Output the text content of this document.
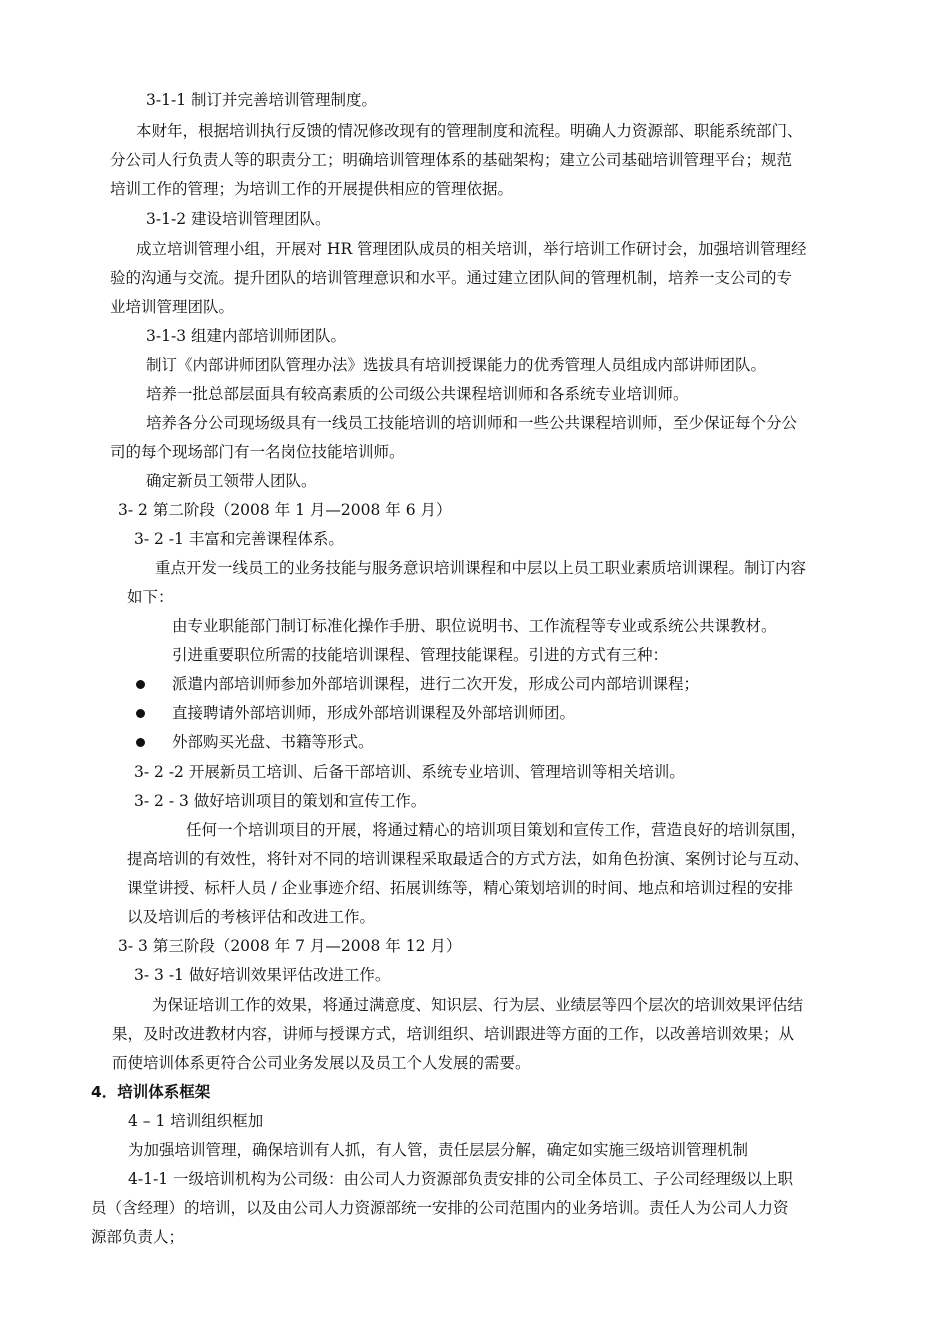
3-1-1 制订并完善培训管理制度。
本财年，根据培训执行反馈的情况修改现有的管理制度和流程。明确人力资源部、职能系统部门、
分公司人行负责人等的职责分工；明确培训管理体系的基础架构；建立公司基础培训管理平台；规范
培训工作的管理；为培训工作的开展提供相应的管理依据。
3-1-2 建设培训管理团队。
成立培训管理小组，开展对 HR 管理团队成员的相关培训，举行培训工作研讨会，加强培训管理经
验的沟通与交流。提升团队的培训管理意识和水平。通过建立团队间的管理机制，培养一支公司的专
业培训管理团队。
3-1-3 组建内部培训师团队。
制订《内部讲师团队管理办法》选拔具有培训授课能力的优秀管理人员组成内部讲师团队。
培养一批总部层面具有较高素质的公司级公共课程培训师和各系统专业培训师。
培养各分公司现场级具有一线员工技能培训的培训师和一些公共课程培训师，至少保证每个分公
司的每个现场部门有一名岗位技能培训师。
确定新员工领带人团队。
3- 2 第二阶段（2008 年 1 月—2008 年 6 月）
3- 2 -1 丰富和完善课程体系。
重点开发一线员工的业务技能与服务意识培训课程和中层以上员工职业素质培训课程。制订内容
如下：
由专业职能部门制订标准化操作手册、职位说明书、工作流程等专业或系统公共课教材。
引进重要职位所需的技能培训课程、管理技能课程。引进的方式有三种：
派遣内部培训师参加外部培训课程，进行二次开发，形成公司内部培训课程；
直接聘请外部培训师，形成外部培训课程及外部培训师团。
外部购买光盘、书籍等形式。
3- 2 -2 开展新员工培训、后备干部培训、系统专业培训、管理培训等相关培训。
3- 2 - 3 做好培训项目的策划和宣传工作。
任何一个培训项目的开展，将通过精心的培训项目策划和宣传工作，营造良好的培训氛围，
提高培训的有效性，将针对不同的培训课程采取最适合的方式方法，如角色扮演、案例讨论与互动、
课堂讲授、标杆人员 / 企业事迹介绍、拓展训练等，精心策划培训的时间、地点和培训过程的安排
以及培训后的考核评估和改进工作。
3- 3 第三阶段（2008 年 7 月—2008 年 12 月）
3- 3 -1 做好培训效果评估改进工作。
为保证培训工作的效果，将通过满意度、知识层、行为层、业绩层等四个层次的培训效果评估结
果，及时改进教材内容，讲师与授课方式，培训组织、培训跟进等方面的工作，以改善培训效果；从
而使培训体系更符合公司业务发展以及员工个人发展的需要。
4．培训体系框架
4 – 1 培训组织框加
为加强培训管理，确保培训有人抓，有人管，责任层层分解，确定如实施三级培训管理机制
4-1-1 一级培训机构为公司级：由公司人力资源部负责安排的公司全体员工、子公司经理级以上职
员（含经理）的培训，以及由公司人力资源部统一安排的公司范围内的业务培训。责任人为公司人力资
源部负责人；
